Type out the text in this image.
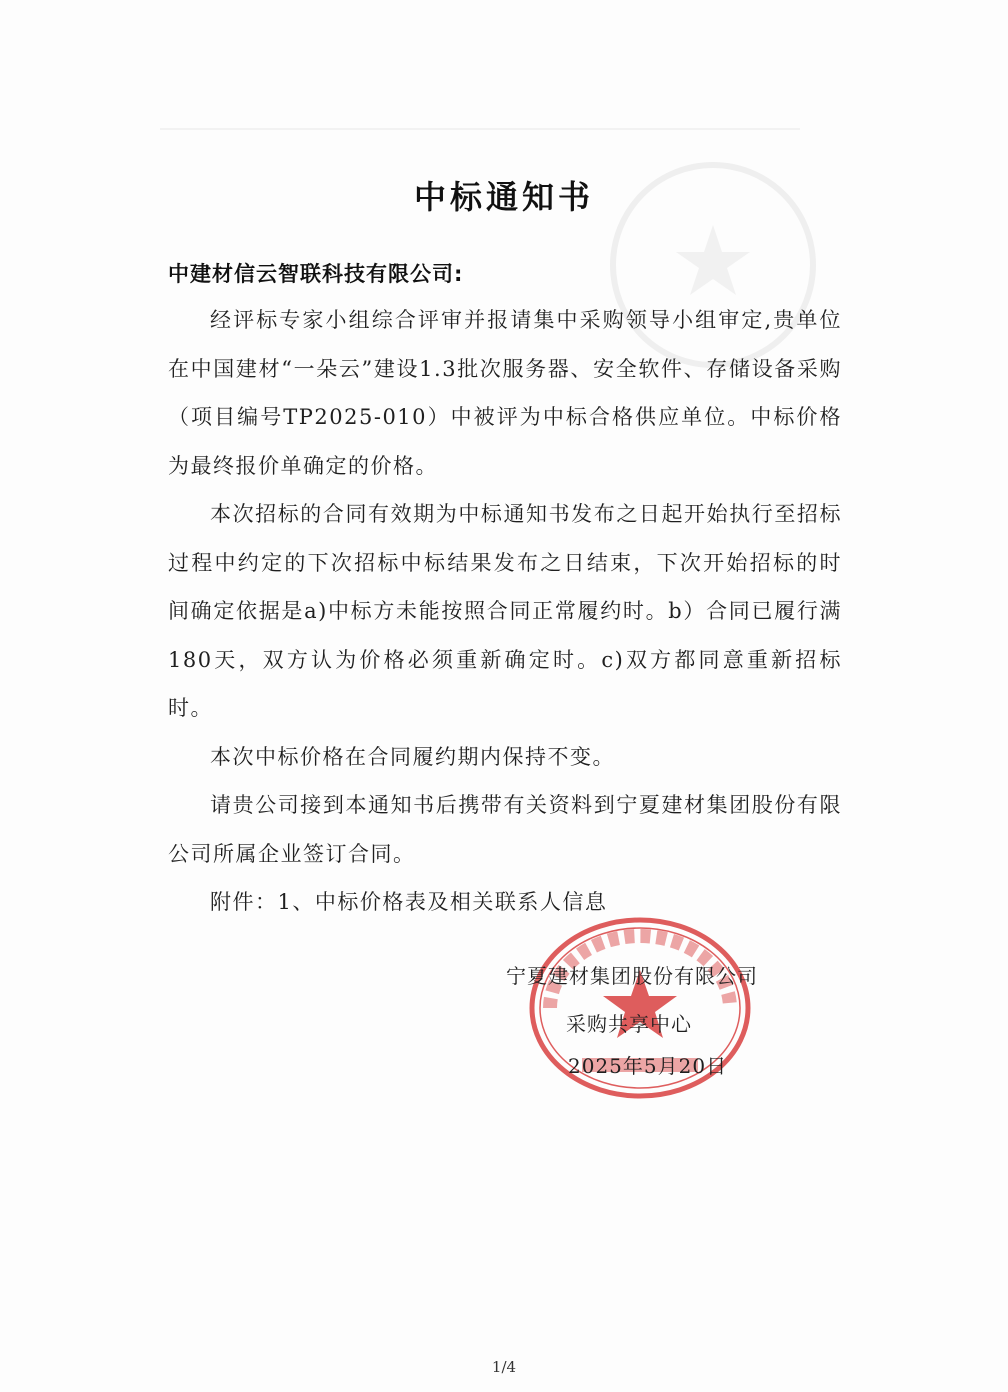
中标通知书
中建材信云智联科技有限公司:

经评标专家小组综合评审并报请集中采购领导小组审定,贵单位在中国建材“一朵云”建设1.3批次服务器、安全软件、存储设备采购（项目编号TP2025-010）中被评为中标合格供应单位。中标价格为最终报价单确定的价格。

本次招标的合同有效期为中标通知书发布之日起开始执行至招标过程中约定的下次招标中标结果发布之日结束，下次开始招标的时间确定依据是a)中标方未能按照合同正常履约时。b）合同已履行满180天，双方认为价格必须重新确定时。c)双方都同意重新招标时。

本次中标价格在合同履约期内保持不变。

请贵公司接到本通知书后携带有关资料到宁夏建材集团股份有限公司所属企业签订合同。

附件：1、中标价格表及相关联系人信息

宁夏建材集团股份有限公司
采购共享中心
2025年5月20日
1/4
